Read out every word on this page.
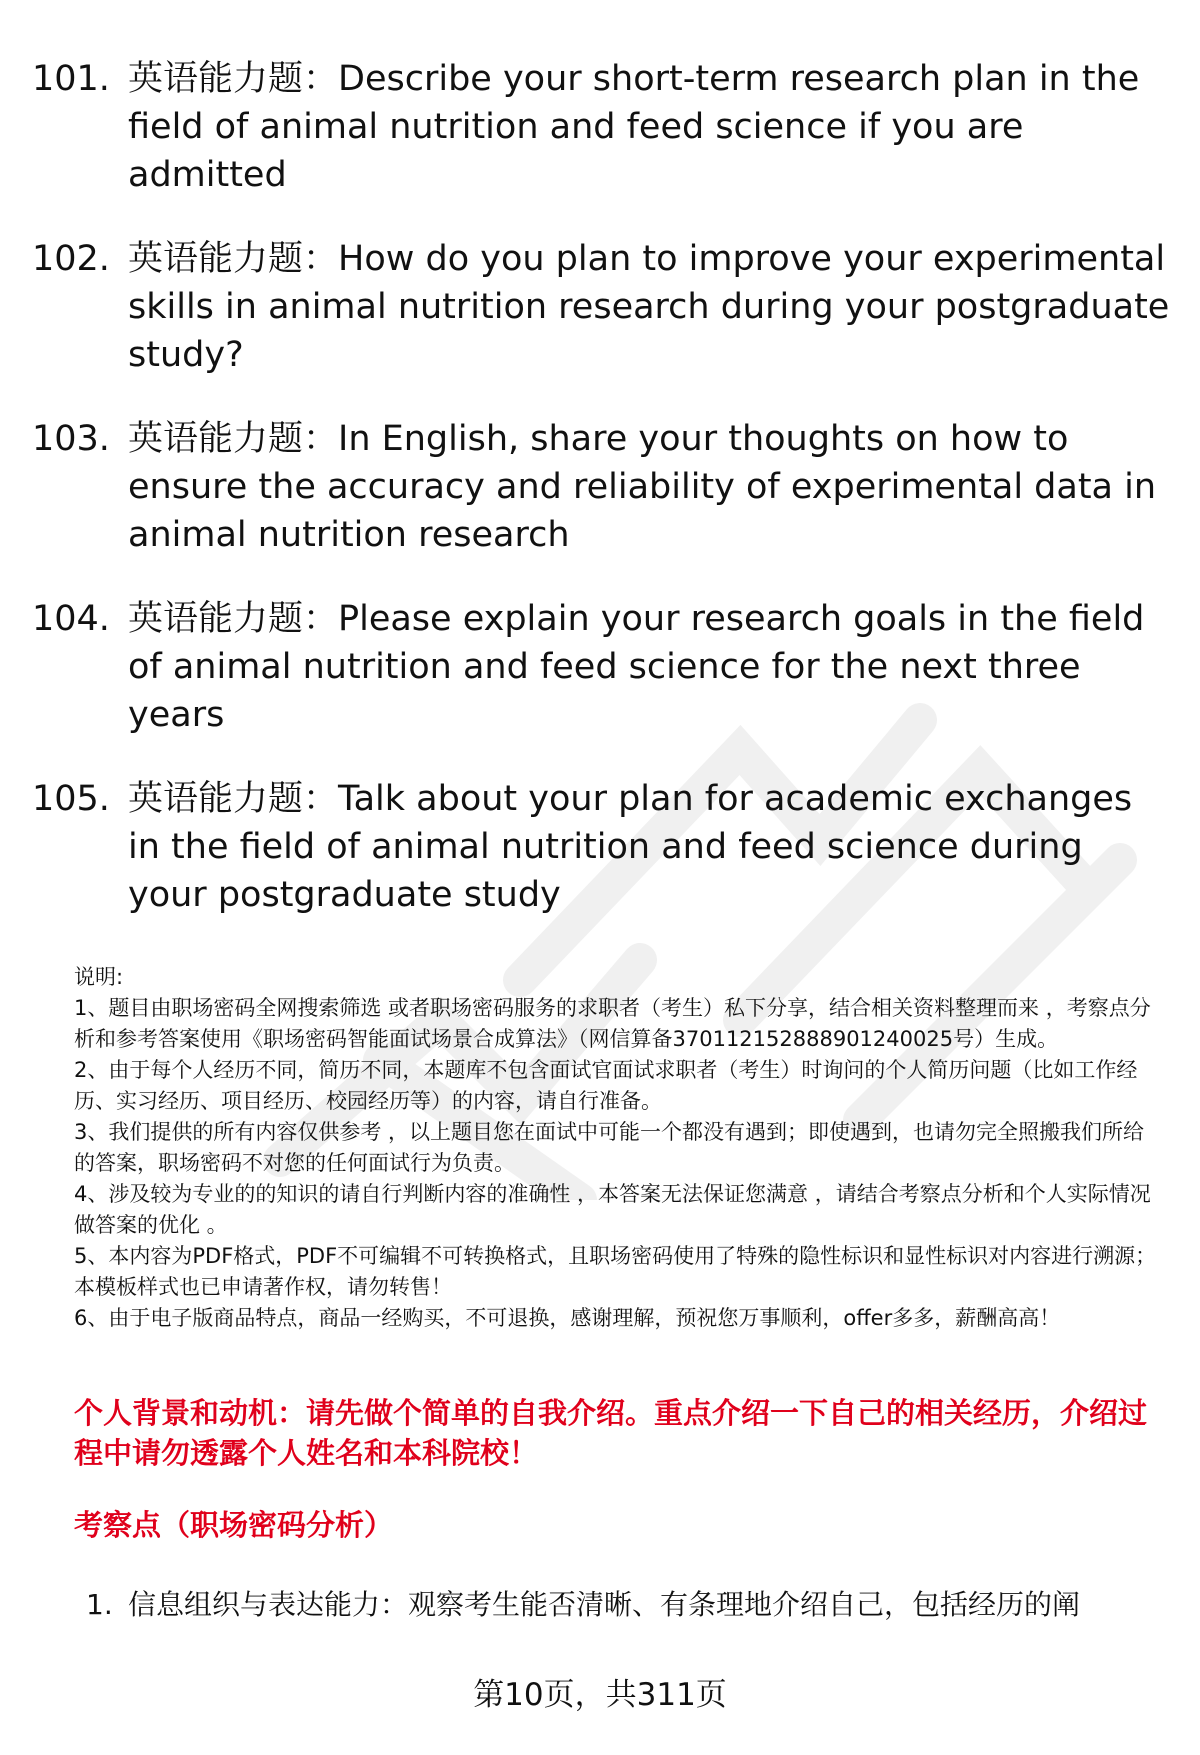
101. 英语能力题：Describe your short-term research plan in the field of animal nutrition and feed science if you are admitted
102. 英语能力题：How do you plan to improve your experimental skills in animal nutrition research during your postgraduate study?
103. 英语能力题：In English, share your thoughts on how to ensure the accuracy and reliability of experimental data in animal nutrition research
104. 英语能力题：Please explain your research goals in the field of animal nutrition and feed science for the next three years
105. 英语能力题：Talk about your plan for academic exchanges in the field of animal nutrition and feed science during your postgraduate study

说明:

1、题目由职场密码全网搜索筛选 或者职场密码服务的求职者（考生）私下分享，结合相关资料整理而来 ，考察点分析和参考答案使用《职场密码智能面试场景合成算法》（网信算备370112152888901240025号）生成。

2、由于每个人经历不同，简历不同，本题库不包含面试官面试求职者（考生）时询问的个人简历问题（比如工作经历、实习经历、项目经历、校园经历等）的内容，请自行准备。

3、我们提供的所有内容仅供参考 ，以上题目您在面试中可能一个都没有遇到；即使遇到，也请勿完全照搬我们所给的答案，职场密码不对您的任何面试行为负责。

4、涉及较为专业的的知识的请自行判断内容的准确性 ，本答案无法保证您满意 ，请结合考察点分析和个人实际情况做答案的优化 。

5、本内容为PDF格式，PDF不可编辑不可转换格式，且职场密码使用了特殊的隐性标识和显性标识对内容进行溯源；本模板样式也已申请著作权，请勿转售！

6、由于电子版商品特点，商品一经购买，不可退换，感谢理解，预祝您万事顺利，offer多多，薪酬高高！

个人背景和动机：请先做个简单的自我介绍。重点介绍一下自己的相关经历，介绍过程中请勿透露个人姓名和本科院校！
考察点（职场密码分析）
1. 信息组织与表达能力：观察考生能否清晰、有条理地介绍自己，包括经历的阐
第10页，共311页
